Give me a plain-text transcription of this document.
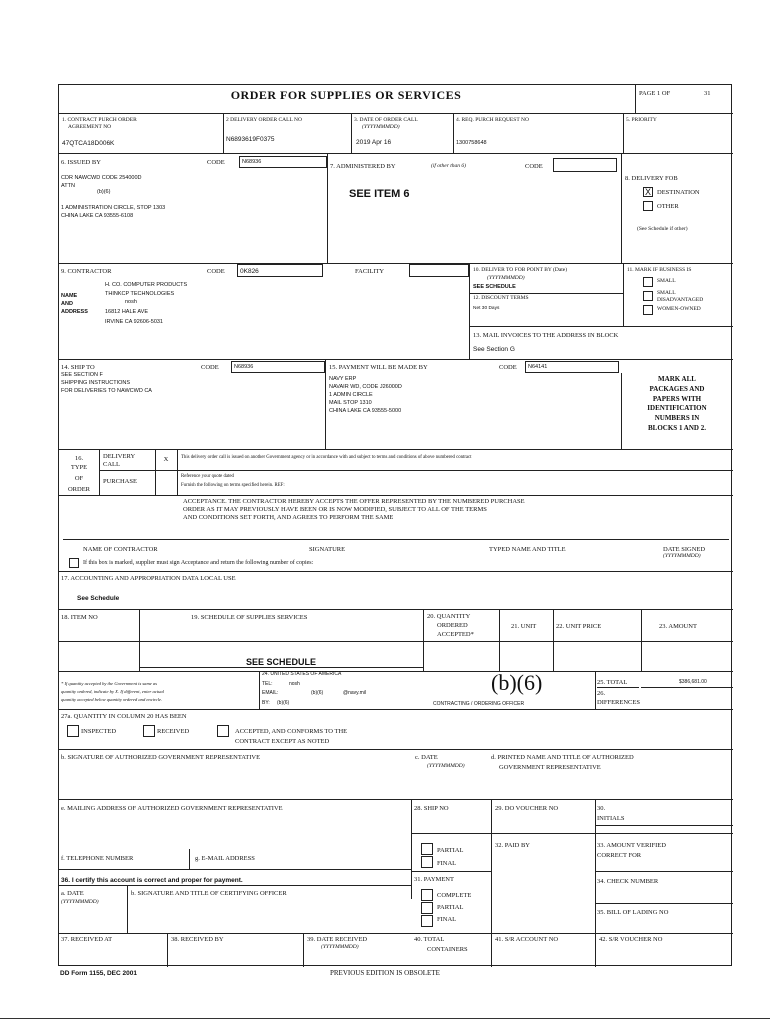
ORDER FOR SUPPLIES OR SERVICES	PAGE 1 OF	31
1. CONTRACT PURCH ORDER
AGREEMENT NO
47QTCA18D006K
2 DELIVERY ORDER CALL NO
N6893619F0375
3. DATE OF ORDER CALL
(YYYYMMMDD)
2019 Apr 16
4. REQ. PURCH REQUEST NO
1300758648
5. PRIORITY
6. ISSUED BY	CODE	N68936
CDR NAWCWD CODE 254000D
ATTN
(b)(6)
1 ADMINISTRATION CIRCLE, STOP 1303
CHINA LAKE CA 93555-6108
7. ADMINISTERED BY	(if other than 6)	CODE
SEE ITEM 6
8. DELIVERY FOB
X DESTINATION
OTHER
(See Schedule if other)
9. CONTRACTOR	CODE 0K826	FACILITY
H. CO. COMPUTER PRODUCTS
NAME	THINKCP TECHNOLOGIES
nosh
AND
ADDRESS	16812 HALE AVE
IRVINE CA 92606-5031
10. DELIVER TO FOB POINT BY (Date)
(YYYYMMMDD)
SEE SCHEDULE
12. DISCOUNT TERMS
Net 30 Days
11. MARK IF BUSINESS IS
SMALL
SMALL
DISADVANTAGED
WOMEN-OWNED
13. MAIL INVOICES TO THE ADDRESS IN BLOCK
See Section G
14. SHIP TO	CODE	N68936
SEE SECTION F
SHIPPING INSTRUCTIONS
FOR DELIVERIES TO NAWCWD CA
15. PAYMENT WILL BE MADE BY	CODE N64141
NAVY ERP
NAVAIR WD, CODE J26000D
1 ADMIN CIRCLE
MAIL STOP 1310
CHINA LAKE CA 93555-5000
MARK ALL
PACKAGES AND
PAPERS WITH
IDENTIFICATION
NUMBERS IN
BLOCKS 1 AND 2.
16.
TYPE
OF
ORDER
DELIVERY
CALL
X	This delivery order call is issued on another Government agency or in accordance with and subject to terms and conditions of above numbered contract
PURCHASE
Reference your quote dated
Furnish the following on terms specified herein. REF:
ACCEPTANCE. THE CONTRACTOR HEREBY ACCEPTS THE OFFER REPRESENTED BY THE NUMBERED PURCHASE
ORDER AS IT MAY PREVIOUSLY HAVE BEEN OR IS NOW MODIFIED, SUBJECT TO ALL OF THE TERMS
AND CONDITIONS SET FORTH, AND AGREES TO PERFORM THE SAME
NAME OF CONTRACTOR	SIGNATURE	TYPED NAME AND TITLE	DATE SIGNED
(YYYYMMMDD)
If this box is marked, supplier must sign Acceptance and return the following number of copies:
17. ACCOUNTING AND APPROPRIATION DATA LOCAL USE
See Schedule
18. ITEM NO	19. SCHEDULE OF SUPPLIES SERVICES	20. QUANTITY
ORDERED
ACCEPTED*
21. UNIT	22. UNIT PRICE	23. AMOUNT
SEE SCHEDULE
* If quantity accepted by the Government is same as
quantity ordered, indicate by X. If different, enter actual
quantity accepted below quantity ordered and encircle.
24. UNITED STATES OF AMERICA
TEL:	nosh
EMAIL:	(b)(6)	@navy.mil
BY: (b)(6)
(b)(6)
CONTRACTING / ORDERING OFFICER
25. TOTAL	$386,681.00
26.
DIFFERENCES
27a. QUANTITY IN COLUMN 20 HAS BEEN
INSPECTED	RECEIVED	ACCEPTED, AND CONFORMS TO THE
CONTRACT EXCEPT AS NOTED
b. SIGNATURE OF AUTHORIZED GOVERNMENT REPRESENTATIVE	c. DATE
(YYYYMMMDD)
d. PRINTED NAME AND TITLE OF AUTHORIZED
GOVERNMENT REPRESENTATIVE
e. MAILING ADDRESS OF AUTHORIZED GOVERNMENT REPRESENTATIVE	28. SHIP NO	29. DO VOUCHER NO	30.
INITIALS
PARTIAL
FINAL
32. PAID BY	33. AMOUNT VERIFIED
CORRECT FOR
f. TELEPHONE NUMBER	g. E-MAIL ADDRESS
36. I certify this account is correct and proper for payment.
a. DATE
(YYYYMMMDD)
b. SIGNATURE AND TITLE OF CERTIFYING OFFICER
31. PAYMENT
COMPLETE
PARTIAL
FINAL
34. CHECK NUMBER
35. BILL OF LADING NO
37. RECEIVED AT	38. RECEIVED BY	39. DATE RECEIVED
(YYYYMMMDD)
40. TOTAL
CONTAINERS
41. S/R ACCOUNT NO	42. S/R VOUCHER NO
DD Form 1155, DEC 2001	PREVIOUS EDITION IS OBSOLETE
